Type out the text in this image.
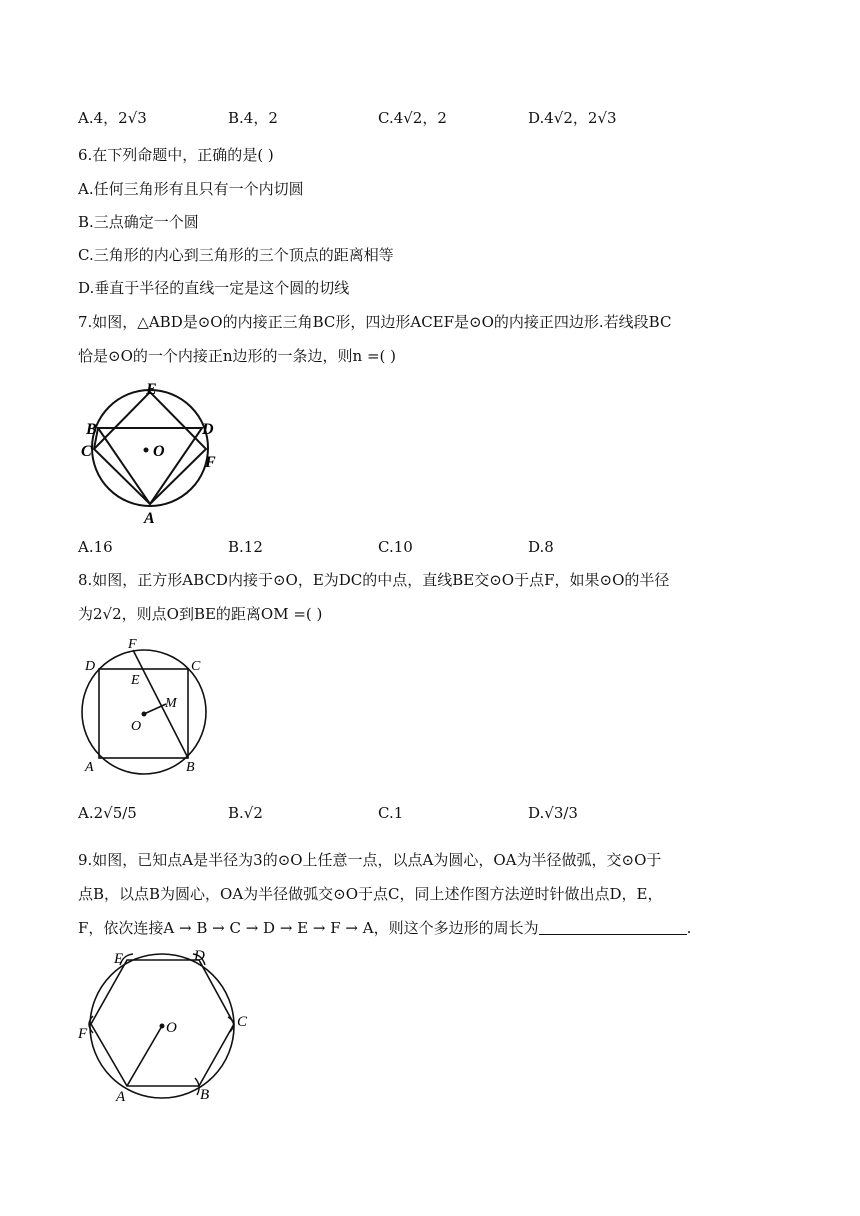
A.4，2√3	B.4，2	C.4√2，2	D.4√2，2√3
6.在下列命题中，正确的是( )
A.任何三角形有且只有一个内切圆
B.三点确定一个圆
C.三角形的内心到三角形的三个顶点的距离相等
D.垂直于半径的直线一定是这个圆的切线
7.如图，△ABD是⊙O的内接正三角BC形，四边形ACEF是⊙O的内接正四边形.若线段BC
恰是⊙O的一个内接正n边形的一条边，则n =( )
E
B	D
C	O
F
A
A.16	B.12	C.10	D.8
8.如图，正方形ABCD内接于⊙O，E为DC的中点，直线BE交⊙O于点F，如果⊙O的半径
为2√2，则点O到BE的距离OM =( )
F
D	C
E
M
O
A	B
A.2√5/5	B.√2	C.1	D.√3/3
9.如图，已知点A是半径为3的⊙O上任意一点，以点A为圆心，OA为半径做弧，交⊙O于
点B，以点B为圆心，OA为半径做弧交⊙O于点C，同上述作图方法逆时针做出点D，E，
F，依次连接A → B → C → D → E → F → A，则这个多边形的周长为	.
E	D
C
F	O
A	B
